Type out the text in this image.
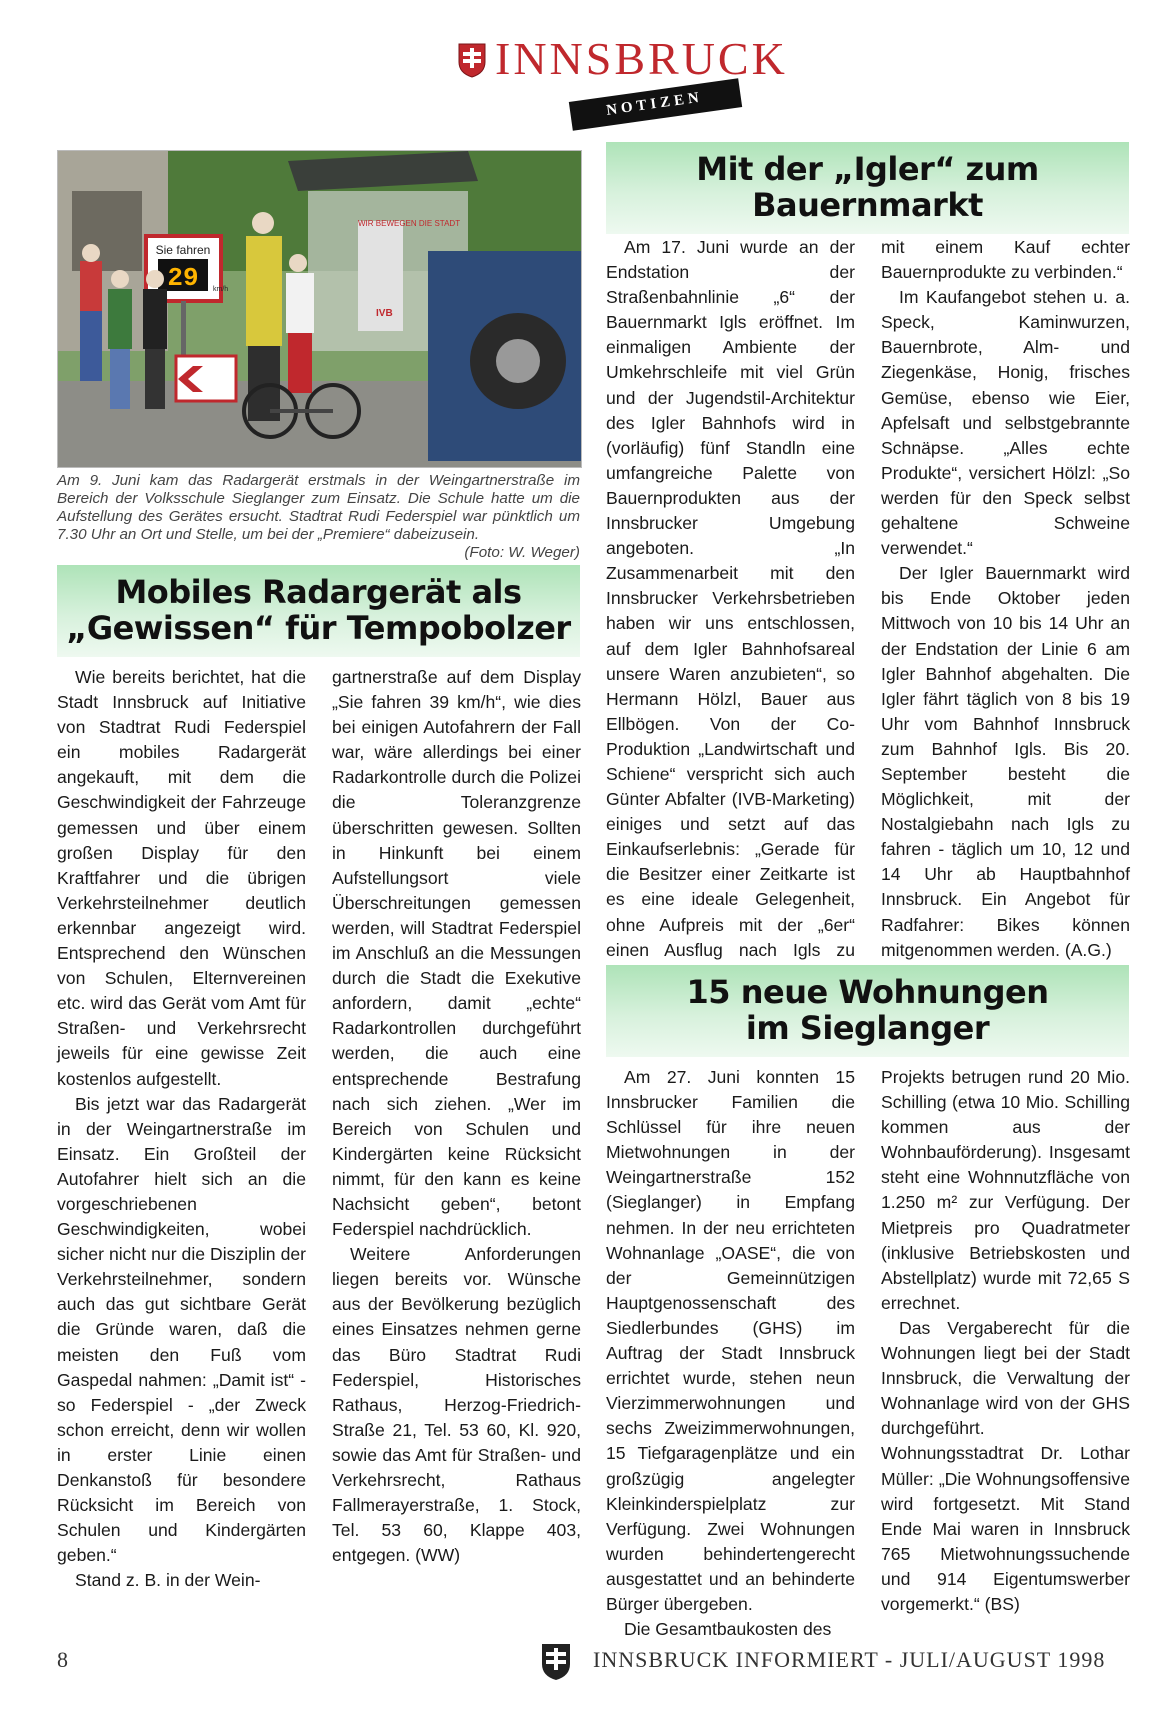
INNSBRUCK
NOTIZEN
Sie fahren
29 km/h
WIR BEWEGEN DIE STADT
IVB
Am 9. Juni kam das Radargerät erstmals in der Weingartnerstraße im Bereich der Volksschule Sieglanger zum Einsatz. Die Schule hatte um die Aufstellung des Gerätes ersucht. Stadtrat Rudi Federspiel war pünktlich um 7.30 Uhr an Ort und Stelle, um bei der „Premiere“ dabeizusein.
(Foto: W. Weger)
Mobiles Radargerät als „Gewissen“ für Tempobolzer

Wie bereits berichtet, hat die Stadt Innsbruck auf Initiative von Stadtrat Rudi Federspiel ein mobiles Radargerät angekauft, mit dem die Geschwindigkeit der Fahrzeuge gemessen und über einem großen Display für den Kraftfahrer und die übrigen Verkehrsteilnehmer deutlich erkennbar angezeigt wird. Entsprechend den Wünschen von Schulen, Elternvereinen etc. wird das Gerät vom Amt für Straßen- und Verkehrsrecht jeweils für eine gewisse Zeit kostenlos aufgestellt.

Bis jetzt war das Radargerät in der Weingartnerstraße im Einsatz. Ein Großteil der Autofahrer hielt sich an die vorgeschriebenen Geschwindigkeiten, wobei sicher nicht nur die Disziplin der Verkehrsteilnehmer, sondern auch das gut sichtbare Gerät die Gründe waren, daß die meisten den Fuß vom Gaspedal nahmen: „Damit ist“ - so Federspiel - „der Zweck schon erreicht, denn wir wollen in erster Linie einen Denkanstoß für besondere Rücksicht im Bereich von Schulen und Kindergärten geben.“

Stand z. B. in der Wein-

gartnerstraße auf dem Display „Sie fahren 39 km/h“, wie dies bei einigen Autofahrern der Fall war, wäre allerdings bei einer Radarkontrolle durch die Polizei die Toleranzgrenze überschritten gewesen. Sollten in Hinkunft bei einem Aufstellungsort viele Überschreitungen gemessen werden, will Stadtrat Federspiel im Anschluß an die Messungen durch die Stadt die Exekutive anfordern, damit „echte“ Radarkontrollen durchgeführt werden, die auch eine entsprechende Bestrafung nach sich ziehen. „Wer im Bereich von Schulen und Kindergärten keine Rücksicht nimmt, für den kann es keine Nachsicht geben“, betont Federspiel nachdrücklich.

Weitere Anforderungen liegen bereits vor. Wünsche aus der Bevölkerung bezüglich eines Einsatzes nehmen gerne das Büro Stadtrat Rudi Federspiel, Historisches Rathaus, Herzog-Friedrich-Straße 21, Tel. 53 60, Kl. 920, sowie das Amt für Straßen- und Verkehrsrecht, Rathaus Fallmerayerstraße, 1. Stock, Tel. 53 60, Klappe 403, entgegen. (WW)

Mit der „Igler“ zum Bauernmarkt

Am 17. Juni wurde an der Endstation der Straßenbahnlinie „6“ der Bauernmarkt Igls eröffnet. Im einmaligen Ambiente der Umkehrschleife mit viel Grün und der Jugendstil-Architektur des Igler Bahnhofs wird in (vorläufig) fünf Standln eine umfangreiche Palette von Bauernprodukten aus der Innsbrucker Umgebung angeboten. „In Zusammenarbeit mit den Innsbrucker Verkehrsbetrieben haben wir uns entschlossen, auf dem Igler Bahnhofsareal unsere Waren anzubieten“, so Hermann Hölzl, Bauer aus Ellbögen. Von der Co-Produktion „Landwirtschaft und Schiene“ verspricht sich auch Günter Abfalter (IVB-Marketing) einiges und setzt auf das Einkaufserlebnis: „Gerade für die Besitzer einer Zeitkarte ist es eine ideale Gelegenheit, ohne Aufpreis mit der „6er“ einen Ausflug nach Igls zu

mit einem Kauf echter Bauernprodukte zu verbinden.“

Im Kaufangebot stehen u. a. Speck, Kaminwurzen, Bauernbrote, Alm- und Ziegenkäse, Honig, frisches Gemüse, ebenso wie Eier, Apfelsaft und selbstgebrannte Schnäpse. „Alles echte Produkte“, versichert Hölzl: „So werden für den Speck selbst gehaltene Schweine verwendet.“

Der Igler Bauernmarkt wird bis Ende Oktober jeden Mittwoch von 10 bis 14 Uhr an der Endstation der Linie 6 am Igler Bahnhof abgehalten. Die Igler fährt täglich von 8 bis 19 Uhr vom Bahnhof Innsbruck zum Bahnhof Igls. Bis 20. September besteht die Möglichkeit, mit der Nostalgiebahn nach Igls zu fahren - täglich um 10, 12 und 14 Uhr ab Hauptbahnhof Innsbruck. Ein Angebot für Radfahrer: Bikes können mitgenommen werden. (A.G.)

15 neue Wohnungen im Sieglanger

Am 27. Juni konnten 15 Innsbrucker Familien die Schlüssel für ihre neuen Mietwohnungen in der Weingartnerstraße 152 (Sieglanger) in Empfang nehmen. In der neu errichteten Wohnanlage „OASE“, die von der Gemeinnützigen Hauptgenossenschaft des Siedlerbundes (GHS) im Auftrag der Stadt Innsbruck errichtet wurde, stehen neun Vierzimmerwohnungen und sechs Zweizimmerwohnungen, 15 Tiefgaragenplätze und ein großzügig angelegter Kleinkinderspielplatz zur Verfügung. Zwei Wohnungen wurden behindertengerecht ausgestattet und an behinderte Bürger übergeben.

Die Gesamtbaukosten des

Projekts betrugen rund 20 Mio. Schilling (etwa 10 Mio. Schilling kommen aus der Wohnbauförderung). Insgesamt steht eine Wohnnutzfläche von 1.250 m² zur Verfügung. Der Mietpreis pro Quadratmeter (inklusive Betriebskosten und Abstellplatz) wurde mit 72,65 S errechnet.

Das Vergaberecht für die Wohnungen liegt bei der Stadt Innsbruck, die Verwaltung der Wohnanlage wird von der GHS durchgeführt. Wohnungsstadtrat Dr. Lothar Müller: „Die Wohnungsoffensive wird fortgesetzt. Mit Stand Ende Mai waren in Innsbruck 765 Mietwohnungssuchende und 914 Eigentumswerber vorgemerkt.“ (BS)

8	INNSBRUCK INFORMIERT - JULI/AUGUST 1998
